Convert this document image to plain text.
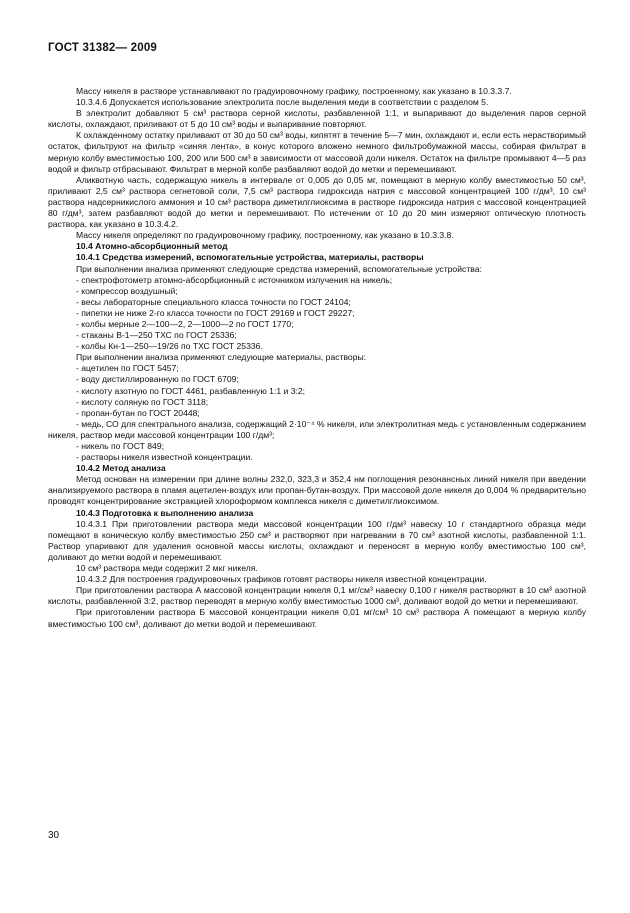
ГОСТ 31382— 2009

Массу никеля в растворе устанавливают по градуировочному графику, построенному, как указано в 10.3.3.7.

10.3.4.6 Допускается использование электролита после выделения меди в соответствии с разделом 5.

В электролит добавляют 5 см³ раствора серной кислоты, разбавленной 1:1, и выпаривают до выделения паров серной кислоты, охлаждают, приливают от 5 до 10 см³ воды и выпаривание повторяют.

К охлажденному остатку приливают от 30 до 50 см³ воды, кипятят в течение 5—7 мин, охлаждают и, если есть нерастворимый остаток, фильтруют на фильтр «синяя лента», в конус которого вложено немного фильтробумажной массы, собирая фильтрат в мерную колбу вместимостью 100, 200 или 500 см³ в зависимости от массовой доли никеля. Остаток на фильтре промывают 4—5 раз водой и фильтр отбрасывают. Фильтрат в мерной колбе разбавляют водой до метки и перемешивают.

Аликвотную часть, содержащую никель в интервале от 0,005 до 0,05 мг, помещают в мерную колбу вместимостью 50 см³, приливают 2,5 см³ раствора сегнетовой соли, 7,5 см³ раствора гидроксида натрия с массовой концентрацией 100 г/дм³, 10 см³ раствора надсерникислого аммония и 10 см³ раствора диметилглиоксима в растворе гидроксида натрия с массовой концентрацией 80 г/дм³, затем разбавляют водой до метки и перемешивают. По истечении от 10 до 20 мин измеряют оптическую плотность раствора, как указано в 10.3.4.2.

Массу никеля определяют по градуировочному графику, построенному, как указано в 10.3.3.8.

10.4 Атомно-абсорбционный метод

10.4.1 Средства измерений, вспомогательные устройства, материалы, растворы

При выполнении анализа применяют следующие средства измерений, вспомогательные устройства:

- спектрофотометр атомно-абсорбционный с источником излучения на никель;

- компрессор воздушный;

- весы лабораторные специального класса точности по ГОСТ 24104;

- пипетки не ниже 2-го класса точности по ГОСТ 29169 и ГОСТ 29227;

- колбы мерные 2—100—2, 2—1000—2 по ГОСТ 1770;

- стаканы В-1—250 ТХС по ГОСТ 25336;

- колбы Кн-1—250—19/26 по ТХС ГОСТ 25336.

При выполнении анализа применяют следующие материалы, растворы:

- ацетилен по ГОСТ 5457;

- воду дистиллированную по ГОСТ 6709;

- кислоту азотную по ГОСТ 4461, разбавленную 1:1 и 3:2;

- кислоту соляную по ГОСТ 3118;

- пропан-бутан по ГОСТ 20448;

- медь, СО для спектрального анализа, содержащий 2·10⁻⁴ % никеля, или электролитная медь с установленным содержанием никеля, раствор меди массовой концентрации 100 г/дм³;

- никель по ГОСТ 849;

- растворы никеля известной концентрации.

10.4.2 Метод анализа

Метод основан на измерении при длине волны 232,0, 323,3 и 352,4 нм поглощения резонансных линий никеля при введении анализируемого раствора в пламя ацетилен-воздух или пропан-бутан-воздух. При массовой доле никеля до 0,004 % предварительно проводят концентрирование экстракцией хлороформом комплекса никеля с диметилглиоксимом.

10.4.3 Подготовка к выполнению анализа

10.4.3.1 При приготовлении раствора меди массовой концентрации 100 г/дм³ навеску 10 г стандартного образца меди помещают в коническую колбу вместимостью 250 см³ и растворяют при нагревании в 70 см³ азотной кислоты, разбавленной 1:1. Раствор упаривают для удаления основной массы кислоты, охлаждают и переносят в мерную колбу вместимостью 100 см³, доливают до метки водой и перемешивают.

10 см³ раствора меди содержит 2 мкг никеля.

10.4.3.2 Для построения градуировочных графиков готовят растворы никеля известной концентрации.

При приготовлении раствора А массовой концентрации никеля 0,1 мг/см³ навеску 0,100 г никеля растворяют в 10 см³ азотной кислоты, разбавленной 3:2, раствор переводят в мерную колбу вместимостью 1000 см³, доливают водой до метки и перемешивают.

При приготовлении раствора Б массовой концентрации никеля 0,01 мг/см³ 10 см³ раствора А помещают в мерную колбу вместимостью 100 см³, доливают до метки водой и перемешивают.

30
